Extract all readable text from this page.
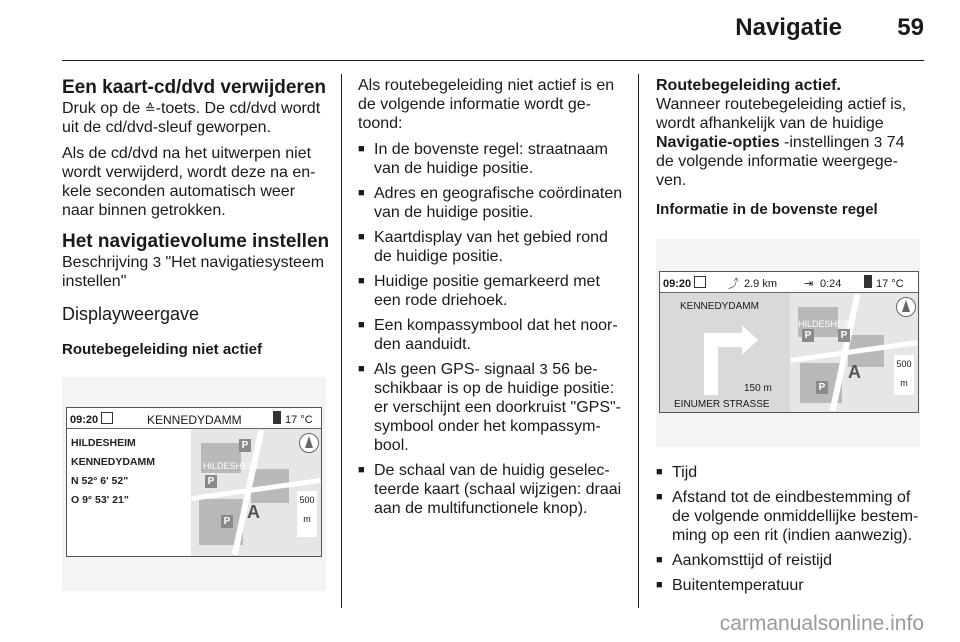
Navigatie 59
Een kaart-cd/dvd verwijderen

Druk op de ≙-toets. De cd/dvd wordt uit de cd/dvd-sleuf geworpen.

Als de cd/dvd na het uitwerpen niet wordt verwijderd, wordt deze na en-kele seconden automatisch weer naar binnen getrokken.

Het navigatievolume instellen

Beschrijving 3 "Het navigatiesysteem instellen"

Displayweergave
Routebegeleiding niet actief
09:20	KENNEDYDAMM	17 °C
HILDESHEIM
KENNEDYDAMM
N 52° 6' 52"
O 9° 53' 21"
HILDESHEIM
P
P
P A
500 m

Als routebegeleiding niet actief is en de volgende informatie wordt ge-toond:

■ In de bovenste regel: straatnaam van de huidige positie.
■ Adres en geografische coördinaten van de huidige positie.
■ Kaartdisplay van het gebied rond de huidige positie.
■ Huidige positie gemarkeerd met een rode driehoek.
■ Een kompassymbool dat het noor-den aanduidt.
■ Als geen GPS- signaal 3 56 be-schikbaar is op de huidige positie: er verschijnt een doorkruist "GPS"-symbool onder het kompassym-bool.
■ De schaal van de huidig geselec-teerde kaart (schaal wijzigen: draai aan de multifunctionele knop).
Routebegeleiding actief.

Wanneer routebegeleiding actief is, wordt afhankelijk van de huidige Navigatie-opties -instellingen 3 74 de volgende informatie weergege-ven.

Informatie in de bovenste regel
09:20	⤴ 2.9 km ⇥ 0:24	17 °C
KENNEDYDAMM
150 m
EINUMER STRASSE
HILDESHEIM
P	P
P
A	500 m
■ Tijd
■ Afstand tot de eindbestemming of de volgende onmiddellijke bestem-ming op een rit (indien aanwezig).
■ Aankomsttijd of reistijd
■ Buitentemperatuur
carmanualsonline.info
